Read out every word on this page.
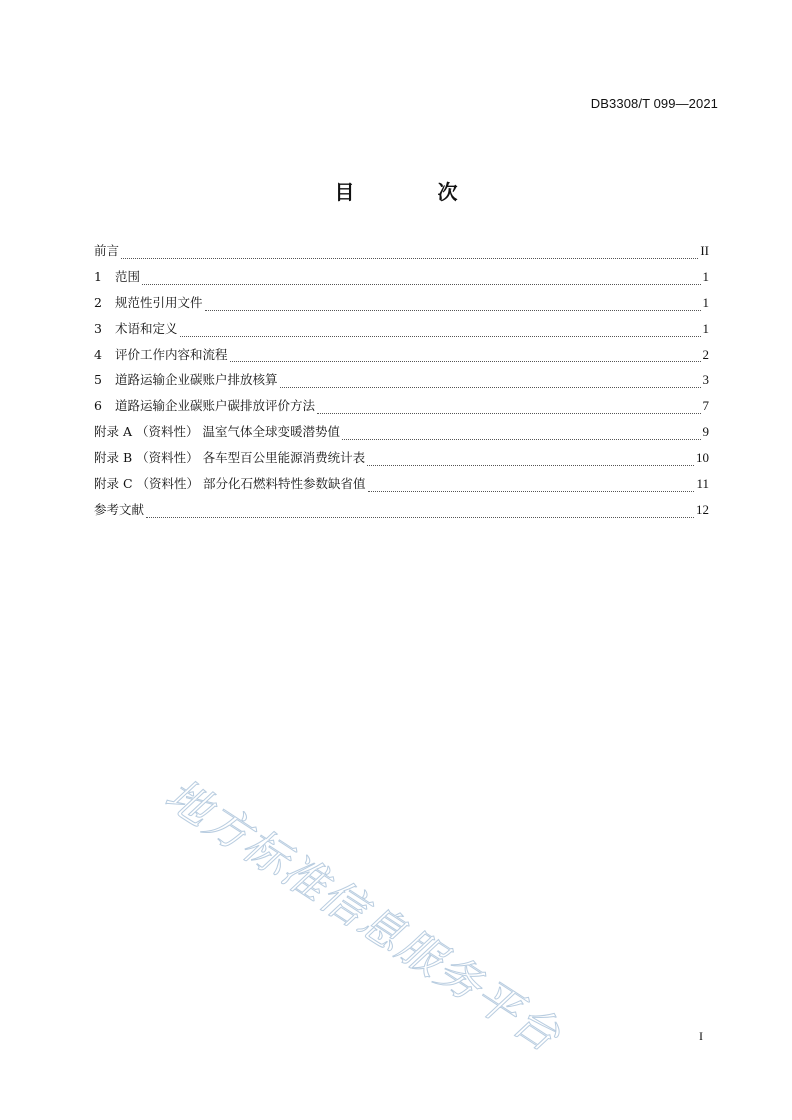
DB3308/T 099—2021
目 次
前言	II
1	范围	1
2	规范性引用文件	1
3	术语和定义	1
4	评价工作内容和流程	2
5	道路运输企业碳账户排放核算	3
6	道路运输企业碳账户碳排放评价方法	7
附录 A （资料性） 温室气体全球变暖潜势值	9
附录 B （资料性） 各车型百公里能源消费统计表	10
附录 C （资料性） 部分化石燃料特性参数缺省值	11
参考文献	12
地方标准信息服务平台	I
